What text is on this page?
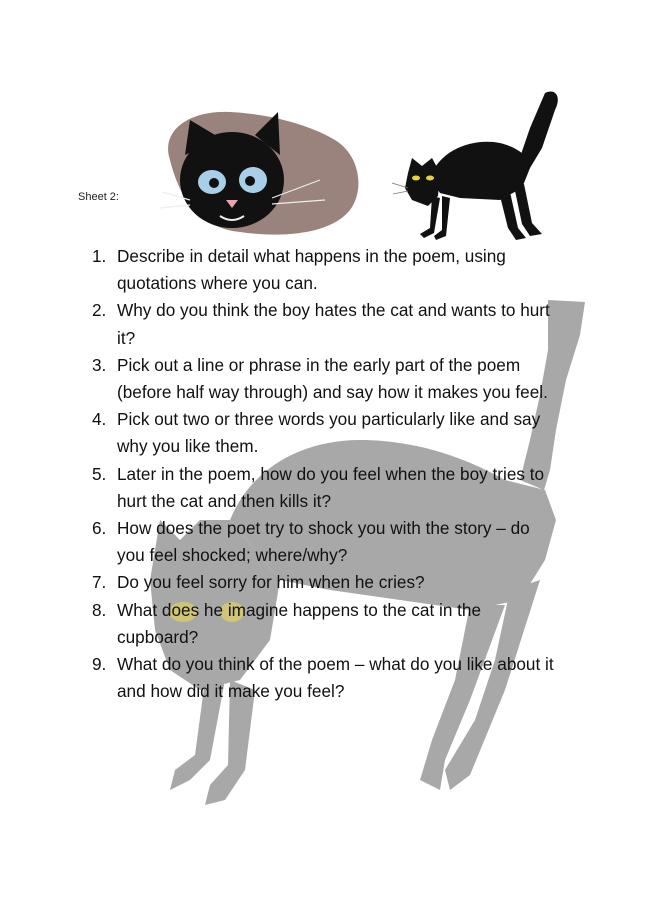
Sheet 2:
1. Describe in detail what happens in the poem, using quotations where you can.
2. Why do you think the boy hates the cat and wants to hurt it?
3. Pick out a line or phrase in the early part of the poem (before half way through) and say how it makes you feel.
4. Pick out two or three words you particularly like and say why you like them.
5. Later in the poem, how do you feel when the boy tries to hurt the cat and then kills it?
6. How does the poet try to shock you with the story – do you feel shocked; where/why?
7. Do you feel sorry for him when he cries?
8. What does he imagine happens to the cat in the cupboard?
9. What do you think of the poem – what do you like about it and how did it make you feel?
